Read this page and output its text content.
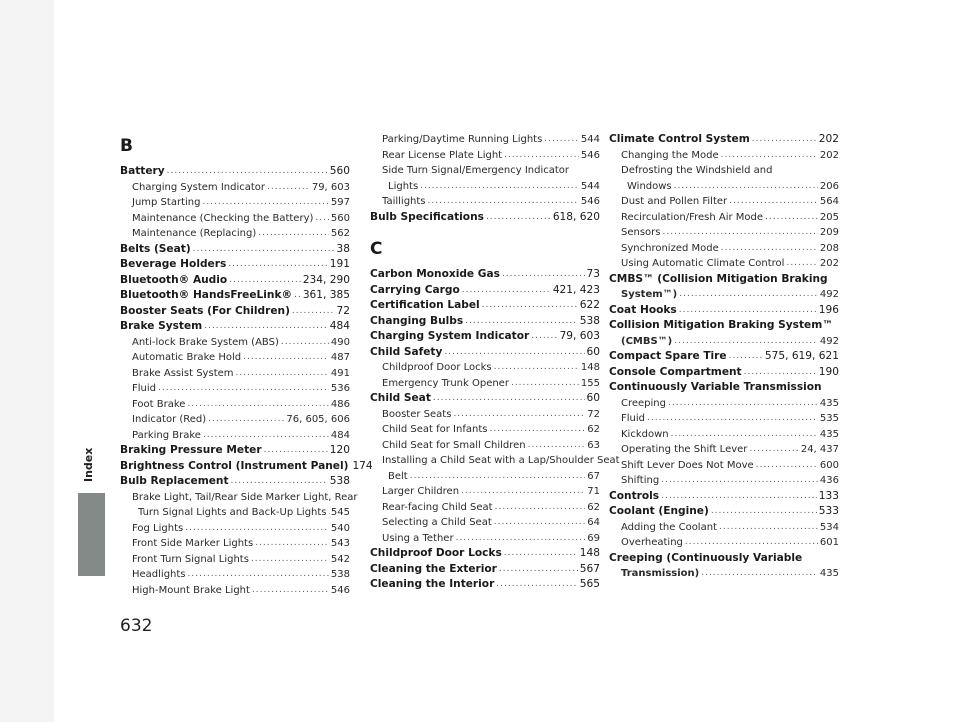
Index
B
Battery .....	560
Charging System Indicator .....	79, 603
Jump Starting .....	597
Maintenance (Checking the Battery) ..... 560
Maintenance (Replacing) .....	562
Belts (Seat) .....	38
Beverage Holders .....	191
Bluetooth® Audio .....	234, 290
Bluetooth® HandsFreeLink® ..... 361, 385
Booster Seats (For Children) .....	72
Brake System .....	484
Anti-lock Brake System (ABS) .....	490
Automatic Brake Hold .....	487
Brake Assist System .....	491
Fluid .....	536
Foot Brake .....	486
Indicator (Red) .....	76, 605, 606
Parking Brake .....	484
Braking Pressure Meter .....	120
Brightness Control (Instrument Panel) 174
Bulb Replacement .....	538
Brake Light, Tail/Rear Side Marker Light, Rear
Turn Signal Lights and Back-Up Lights ..... 545
Fog Lights .....	540
Front Side Marker Lights .....	543
Front Turn Signal Lights .....	542
Headlights .....	538
High-Mount Brake Light .....	546
Parking/Daytime Running Lights .....	544
Rear License Plate Light .....	546
Side Turn Signal/Emergency Indicator
Lights .....	544
Taillights .....	546
Bulb Specifications .....	618, 620
C
Carbon Monoxide Gas .....	73
Carrying Cargo .....	421, 423
Certification Label .....	622
Changing Bulbs .....	538
Charging System Indicator .....	79, 603
Child Safety .....	60
Childproof Door Locks .....	148
Emergency Trunk Opener .....	155
Child Seat .....	60
Booster Seats .....	72
Child Seat for Infants .....	62
Child Seat for Small Children .....	63
Installing a Child Seat with a Lap/Shoulder Seat
Belt .....	67
Larger Children .....	71
Rear-facing Child Seat .....	62
Selecting a Child Seat .....	64
Using a Tether .....	69
Childproof Door Locks .....	148
Cleaning the Exterior .....	567
Cleaning the Interior .....	565
Climate Control System .....	202
Changing the Mode .....	202
Defrosting the Windshield and
Windows .....	206
Dust and Pollen Filter .....	564
Recirculation/Fresh Air Mode .....	205
Sensors .....	209
Synchronized Mode .....	208
Using Automatic Climate Control .....	202
CMBS™ (Collision Mitigation Braking
System™) .....	492
Coat Hooks .....	196
Collision Mitigation Braking System™
(CMBS™) .....	492
Compact Spare Tire .....	575, 619, 621
Console Compartment .....	190
Continuously Variable Transmission
Creeping .....	435
Fluid .....	535
Kickdown .....	435
Operating the Shift Lever .....	24, 437
Shift Lever Does Not Move .....	600
Shifting .....	436
Controls .....	133
Coolant (Engine) .....	533
Adding the Coolant .....	534
Overheating .....	601
Creeping (Continuously Variable
Transmission) .....	435
632
